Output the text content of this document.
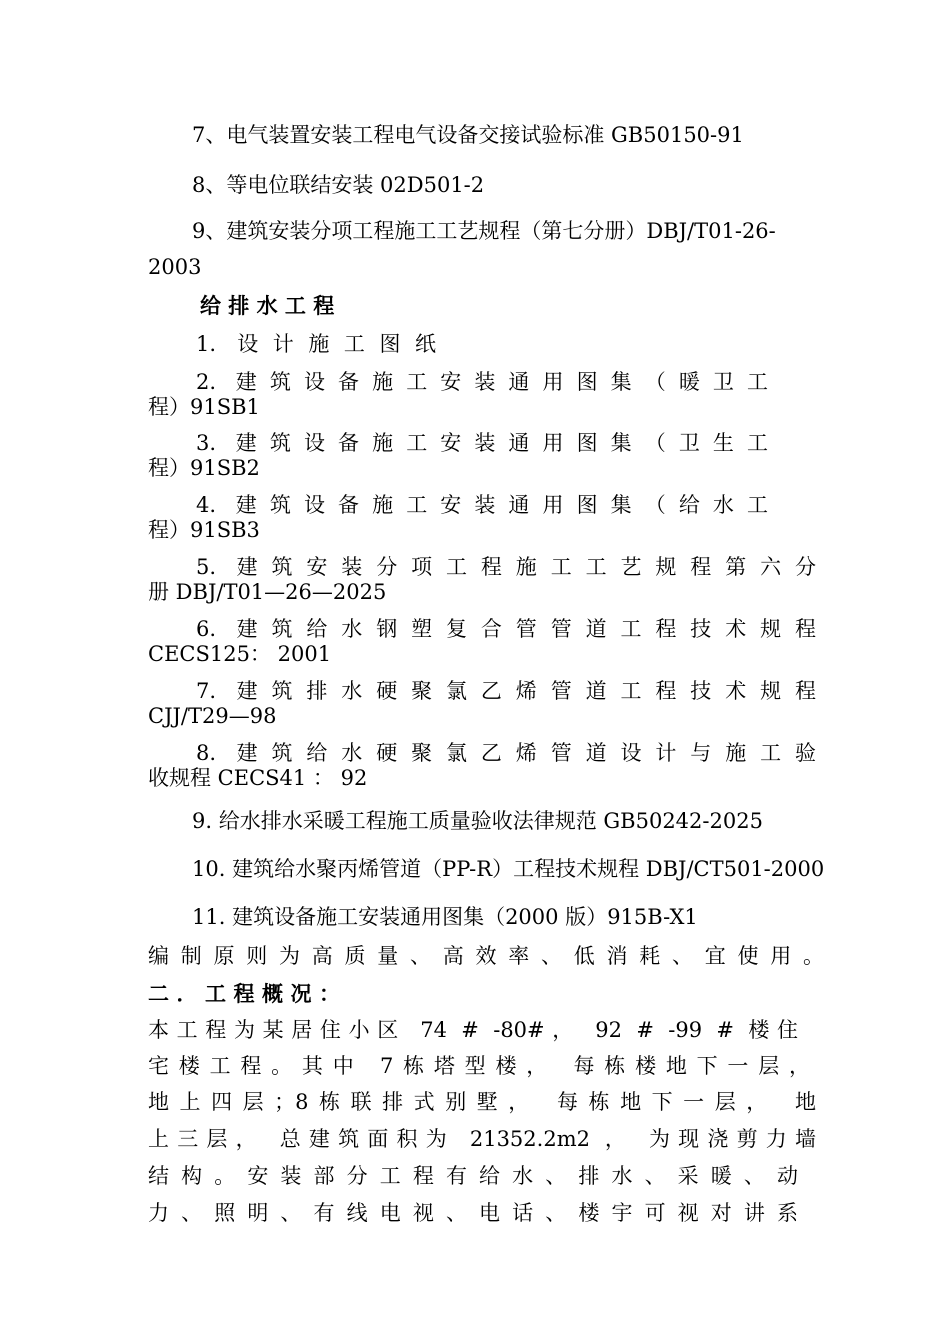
7、电气装置安装工程电气设备交接试验标准 GB50150-91

8、等电位联结安装 02D501-2

9、建筑安装分项工程施工工艺规程（第七分册）DBJ/T01-26-

2003

给 排 水 工 程

1. 设计施工图纸

2. 建筑设备施工安装通用图集（暖卫工

程）91SB1

3. 建筑设备施工安装通用图集（卫生工

程）91SB2

4. 建筑设备施工安装通用图集（给水工

程）91SB3

5. 建筑安装分项工程施工工艺规程第六分

册 DBJ/T01—26—2025

6. 建筑给水钢塑复合管管道工程技术规程

CECS125： 2001

7. 建筑排水硬聚氯乙烯管道工程技术规程

CJJ/T29—98

8. 建筑给水硬聚氯乙烯管道设计与施工验

收规程 CECS41 ： 92

9. 给水排水采暖工程施工质量验收法律规范 GB50242-2025

10. 建筑给水聚丙烯管道（PP-R）工程技术规程 DBJ/CT501-2000

11. 建筑设备施工安装通用图集（2000 版）915B-X1

编制原则为高质量、高效率、低消耗、宜使用。

二．工程概况：

本工程为某居住小区 74 # -80#， 92 # -99 # 楼住

宅楼工程。其中 7栋塔型楼， 每栋楼地下一层，

地上四层；8栋联排式别墅， 每栋地下一层， 地

上三层， 总建筑面积为 21352.2m2 ， 为现浇剪力墙

结构。安装部分工程有给水、排水、采暖、动

力、照明、有线电视、电话、楼宇可视对讲系
